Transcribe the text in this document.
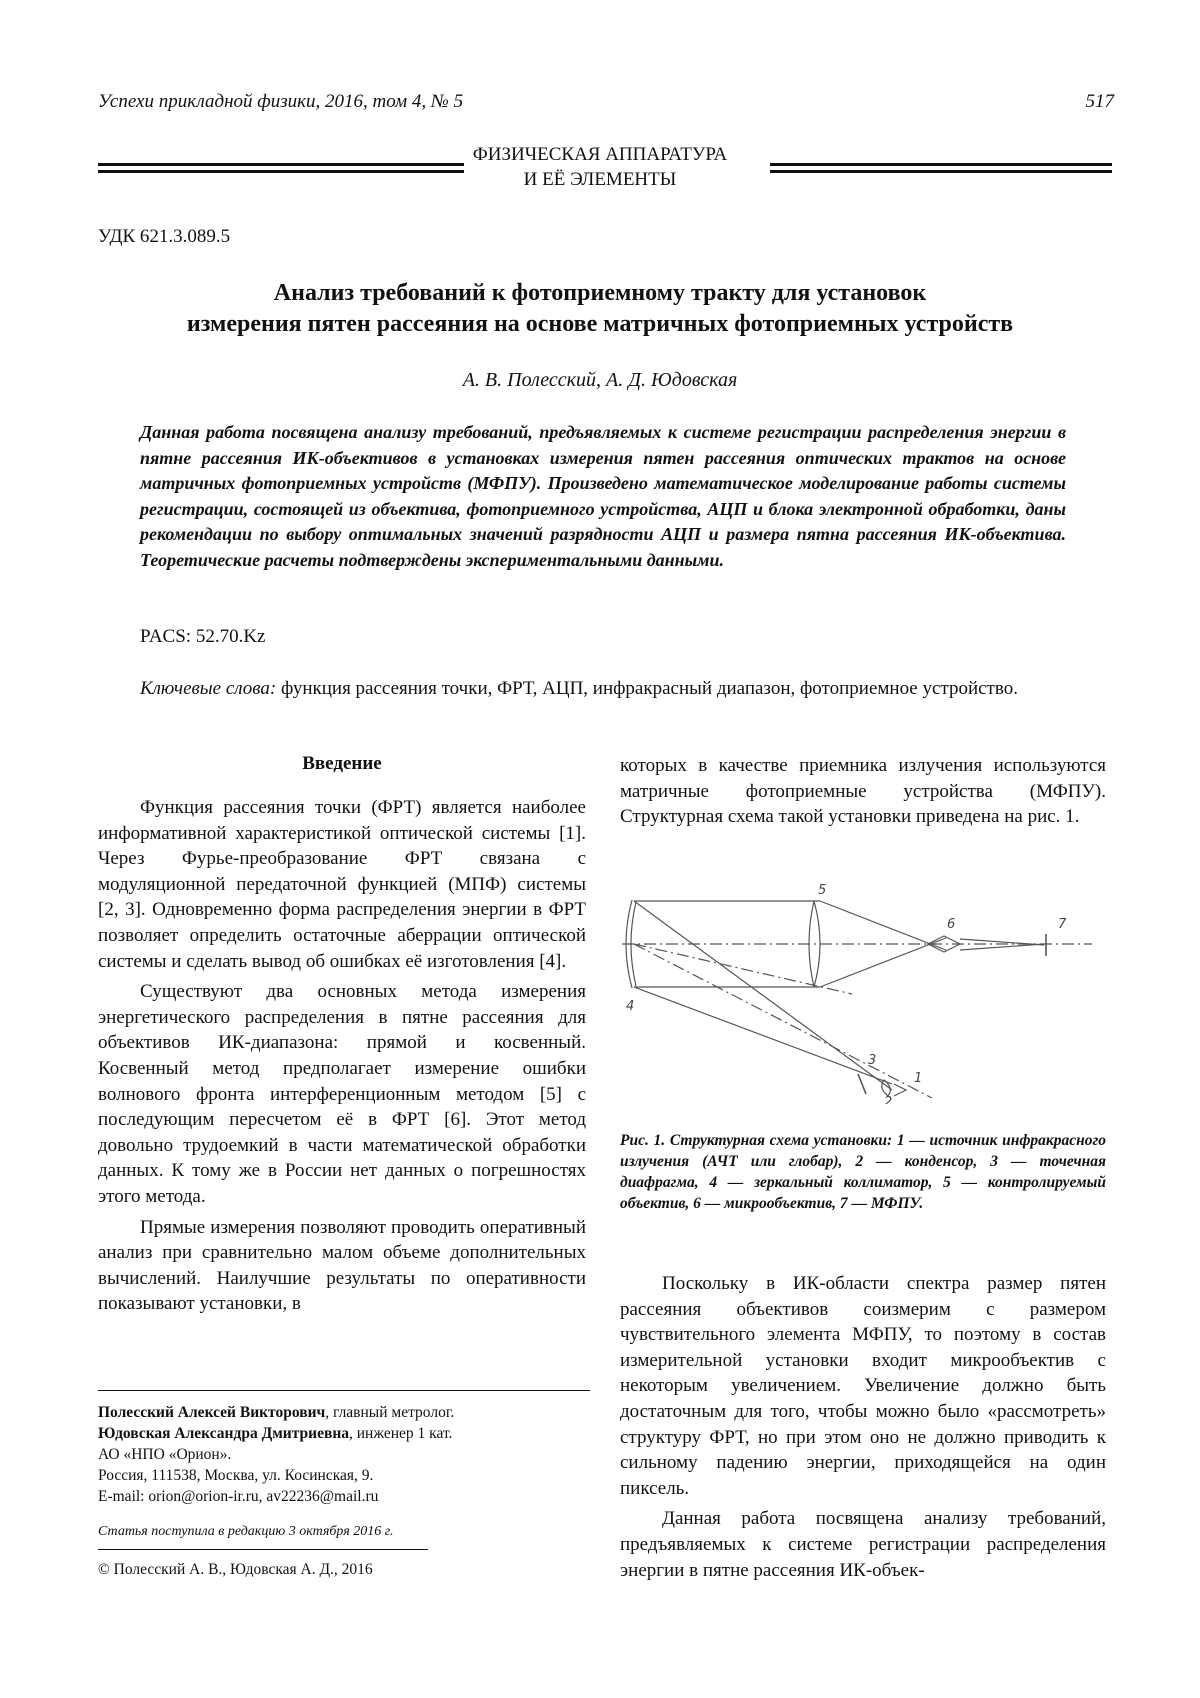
Успехи прикладной физики, 2016, том 4, № 5	517
ФИЗИЧЕСКАЯ АППАРАТУРА
И ЕЁ ЭЛЕМЕНТЫ
УДК 621.3.089.5
Анализ требований к фотоприемному тракту для установок
измерения пятен рассеяния на основе матричных фотоприемных устройств
А. В. Полесский, А. Д. Юдовская
Данная работа посвящена анализу требований, предъявляемых к системе регистрации распределения энергии в пятне рассеяния ИК-объективов в установках измерения пятен рассеяния оптических трактов на основе матричных фотоприемных устройств (МФПУ). Произведено математическое моделирование работы системы регистрации, состоящей из объектива, фотоприемного устройства, АЦП и блока электронной обработки, даны рекомендации по выбору оптимальных значений разрядности АЦП и размера пятна рассеяния ИК-объектива. Теоретические расчеты подтверждены экспериментальными данными.
PACS: 52.70.Kz
Ключевые слова: функция рассеяния точки, ФРТ, АЦП, инфракрасный диапазон, фотоприемное устройство.
Введение

Функция рассеяния точки (ФРТ) является наиболее информативной характеристикой оптической системы [1]. Через Фурье-преобразование ФРТ связана с модуляционной передаточной функцией (МПФ) системы [2, 3]. Одновременно форма распределения энергии в ФРТ позволяет определить остаточные аберрации оптической системы и сделать вывод об ошибках её изготовления [4].

Существуют два основных метода измерения энергетического распределения в пятне рассеяния для объективов ИК-диапазона: прямой и косвенный. Косвенный метод предполагает измерение ошибки волнового фронта интерференционным методом [5] с последующим пересчетом её в ФРТ [6]. Этот метод довольно трудоемкий в части математической обработки данных. К тому же в России нет данных о погрешностях этого метода.

Прямые измерения позволяют проводить оперативный анализ при сравнительно малом объеме дополнительных вычислений. Наилучшие результаты по оперативности показывают установки, в

которых в качестве приемника излучения используются матричные фотоприемные устройства (МФПУ). Структурная схема такой установки приведена на рис. 1.

5
6	7
4
3
1
2
Рис. 1. Структурная схема установки: 1 — источник инфракрасного излучения (АЧТ или глобар), 2 — конденсор, 3 — точечная диафрагма, 4 — зеркальный коллиматор, 5 — контролируемый объектив, 6 — микрообъектив, 7 — МФПУ.

Поскольку в ИК-области спектра размер пятен рассеяния объективов соизмерим с размером чувствительного элемента МФПУ, то поэтому в состав измерительной установки входит микрообъектив с некоторым увеличением. Увеличение должно быть достаточным для того, чтобы можно было «рассмотреть» структуру ФРТ, но при этом оно не должно приводить к сильному падению энергии, приходящейся на один пиксель.

Данная работа посвящена анализу требований, предъявляемых к системе регистрации распределения энергии в пятне рассеяния ИК-объек-

Полесский Алексей Викторович, главный метролог.
Юдовская Александра Дмитриевна, инженер 1 кат.
АО «НПО «Орион».
Россия, 111538, Москва, ул. Косинская, 9.
E-mail: orion@orion-ir.ru, av22236@mail.ru
Статья поступила в редакцию 3 октября 2016 г.
© Полесский А. В., Юдовская А. Д., 2016
